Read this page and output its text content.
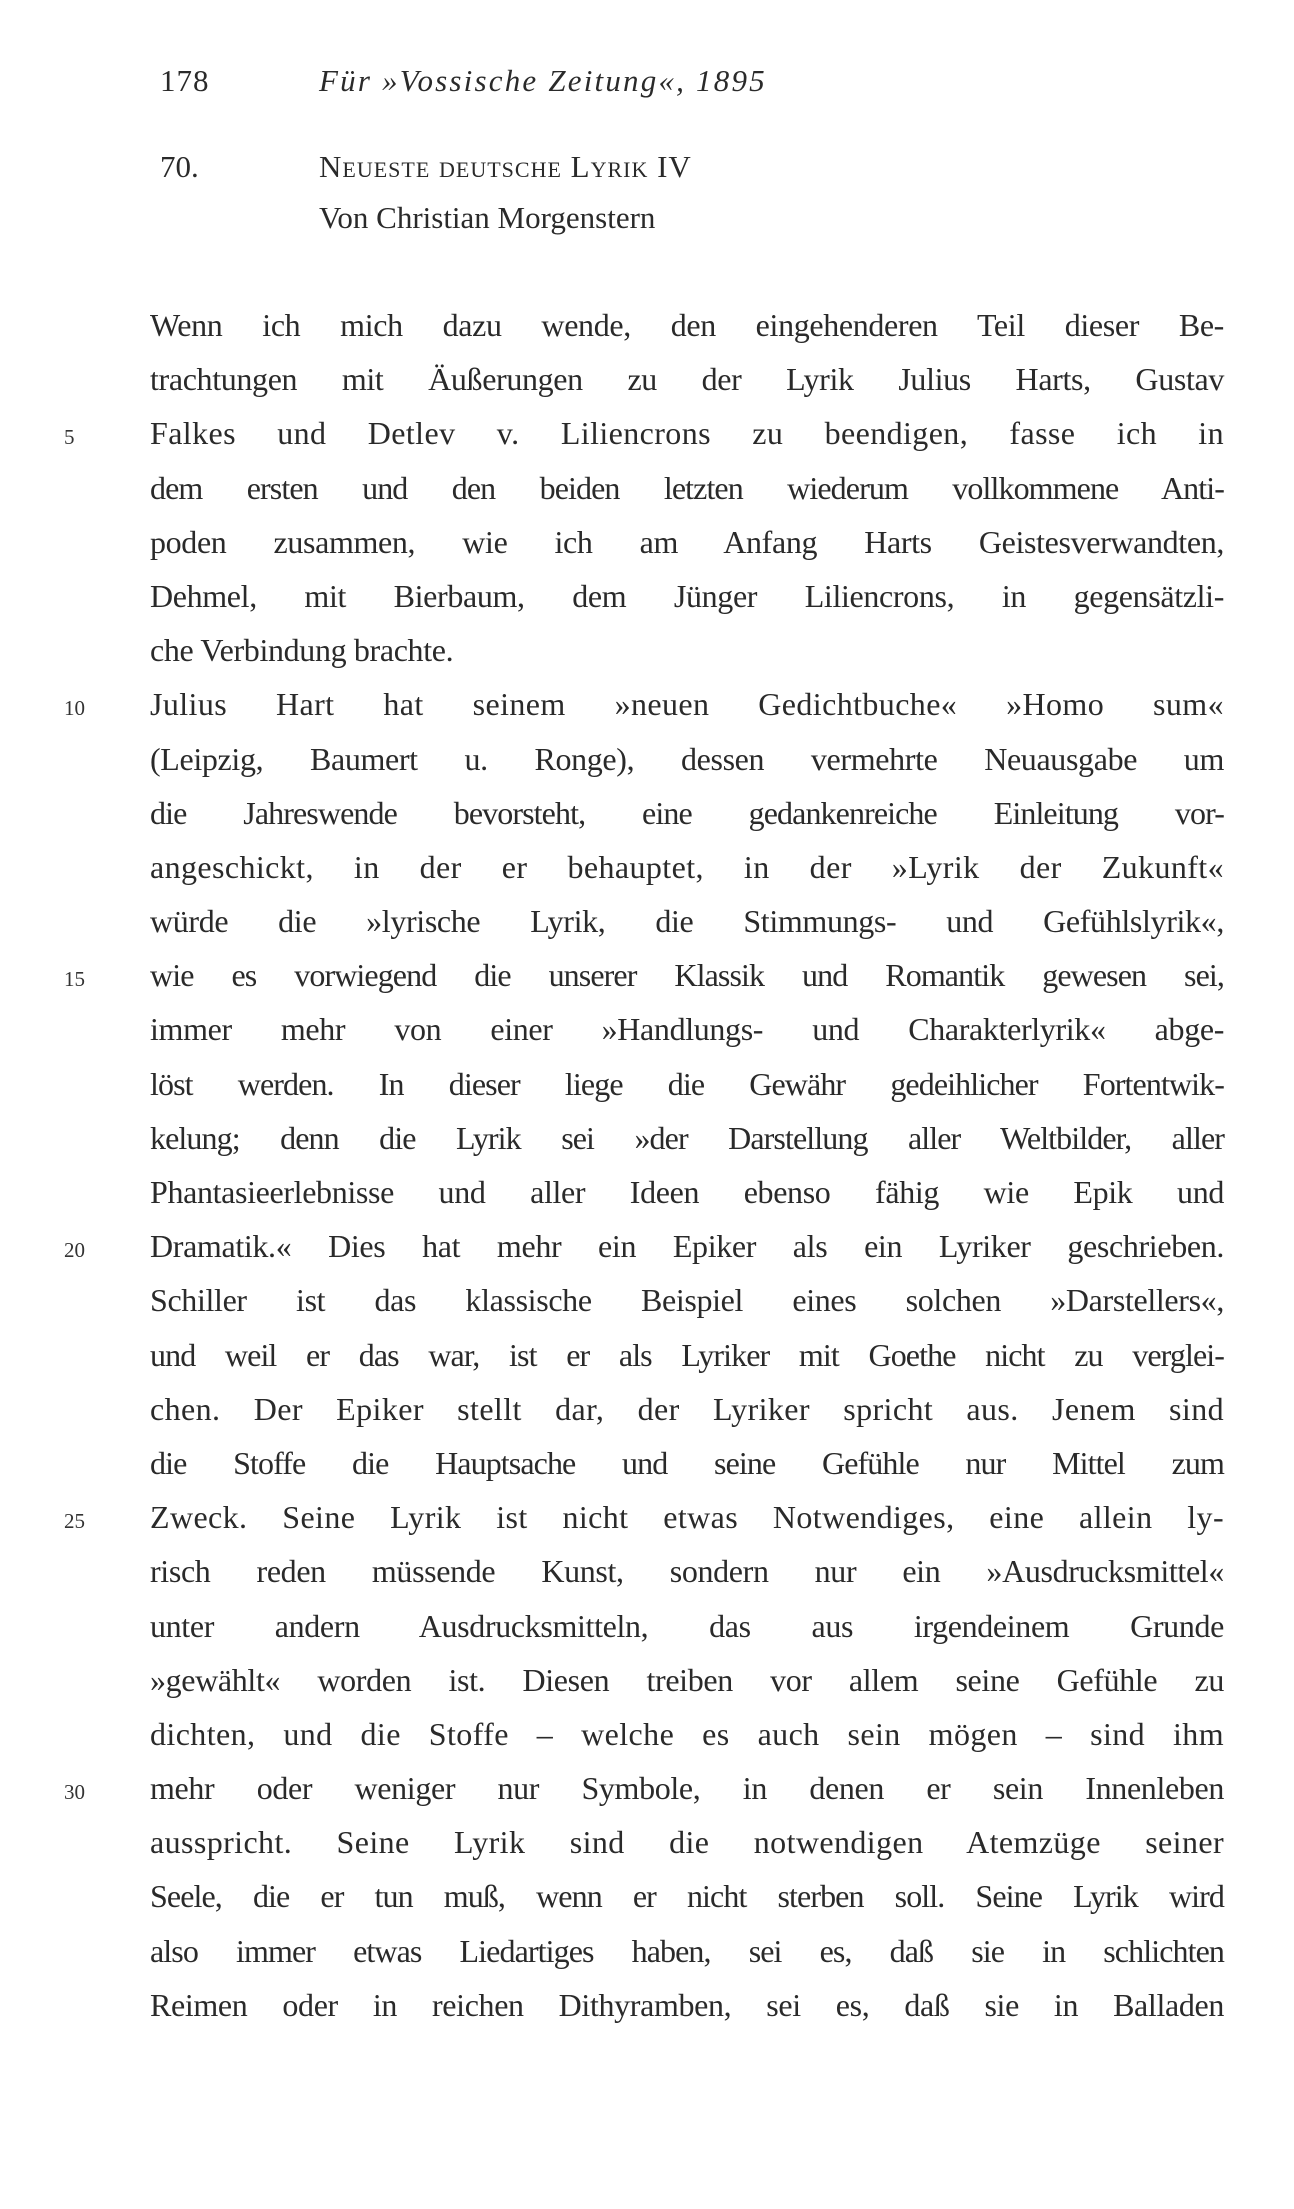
178	Für »Vossische Zeitung«, 1895
70.	Neueste deutsche Lyrik IV
Von Christian Morgenstern
Wenn ich mich dazu wende, den eingehenderen Teil dieser Be-
trachtungen mit Äußerungen zu der Lyrik Julius Harts, Gustav
5	Falkes und Detlev v. Liliencrons zu beendigen, fasse ich in
dem ersten und den beiden letzten wiederum vollkommene Anti-
poden zusammen, wie ich am Anfang Harts Geistesverwandten,
Dehmel, mit Bierbaum, dem Jünger Liliencrons, in gegensätzli-
che Verbindung brachte.
10	Julius Hart hat seinem »neuen Gedichtbuche« »Homo sum«
(Leipzig, Baumert u. Ronge), dessen vermehrte Neuausgabe um
die Jahreswende bevorsteht, eine gedankenreiche Einleitung vor-
angeschickt, in der er behauptet, in der »Lyrik der Zukunft«
würde die »lyrische Lyrik, die Stimmungs- und Gefühlslyrik«,
15	wie es vorwiegend die unserer Klassik und Romantik gewesen sei,
immer mehr von einer »Handlungs- und Charakterlyrik« abge-
löst werden. In dieser liege die Gewähr gedeihlicher Fortentwik-
kelung; denn die Lyrik sei »der Darstellung aller Weltbilder, aller
Phantasieerlebnisse und aller Ideen ebenso fähig wie Epik und
20	Dramatik.« Dies hat mehr ein Epiker als ein Lyriker geschrieben.
Schiller ist das klassische Beispiel eines solchen »Darstellers«,
und weil er das war, ist er als Lyriker mit Goethe nicht zu verglei-
chen. Der Epiker stellt dar, der Lyriker spricht aus. Jenem sind
die Stoffe die Hauptsache und seine Gefühle nur Mittel zum
25	Zweck. Seine Lyrik ist nicht etwas Notwendiges, eine allein ly-
risch reden müssende Kunst, sondern nur ein »Ausdrucksmittel«
unter andern Ausdrucksmitteln, das aus irgendeinem Grunde
»gewählt« worden ist. Diesen treiben vor allem seine Gefühle zu
dichten, und die Stoffe – welche es auch sein mögen – sind ihm
30	mehr oder weniger nur Symbole, in denen er sein Innenleben
ausspricht. Seine Lyrik sind die notwendigen Atemzüge seiner
Seele, die er tun muß, wenn er nicht sterben soll. Seine Lyrik wird
also immer etwas Liedartiges haben, sei es, daß sie in schlichten
Reimen oder in reichen Dithyramben, sei es, daß sie in Balladen
